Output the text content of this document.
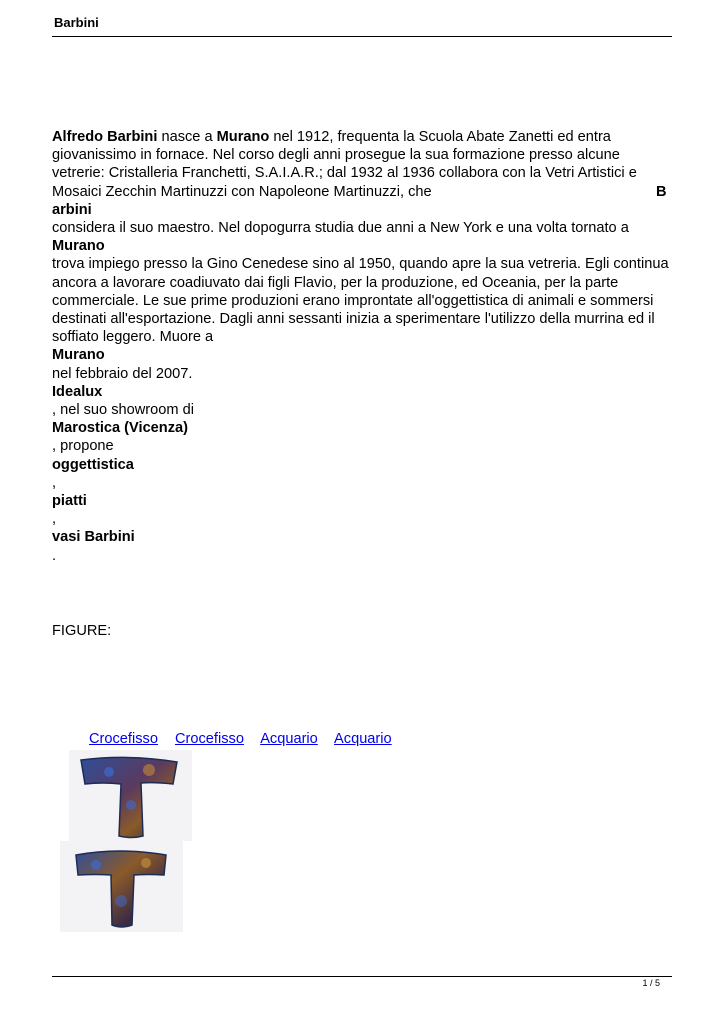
Barbini
Alfredo Barbini nasce a Murano nel 1912, frequenta la Scuola Abate Zanetti ed entra
giovanissimo in fornace. Nel corso degli anni prosegue la sua formazione presso alcune
vetrerie: Cristalleria Franchetti, S.A.I.A.R.; dal 1932 al 1936 collabora con la Vetri Artistici e
Mosaici Zecchin Martinuzzi con Napoleone Martinuzzi, che	B
arbini
considera il suo maestro. Nel dopogurra studia due anni a New York e una volta tornato a
Murano
trova impiego presso la Gino Cenedese sino al 1950, quando apre la sua vetreria. Egli continua
ancora a lavorare coadiuvato dai figli Flavio, per la produzione, ed Oceania, per la parte
commerciale. Le sue prime produzioni erano improntate all'oggettistica di animali e sommersi
destinati all'esportazione. Dagli anni sessanti inizia a sperimentare l'utilizzo della murrina ed il
soffiato leggero. Muore a
Murano
nel febbraio del 2007.
Idealux
, nel suo showroom di
Marostica (Vicenza)
, propone
oggettistica
,
piatti
,
vasi Barbini
.
FIGURE:
Crocefisso Crocefisso Acquario Acquario
1 / 5
